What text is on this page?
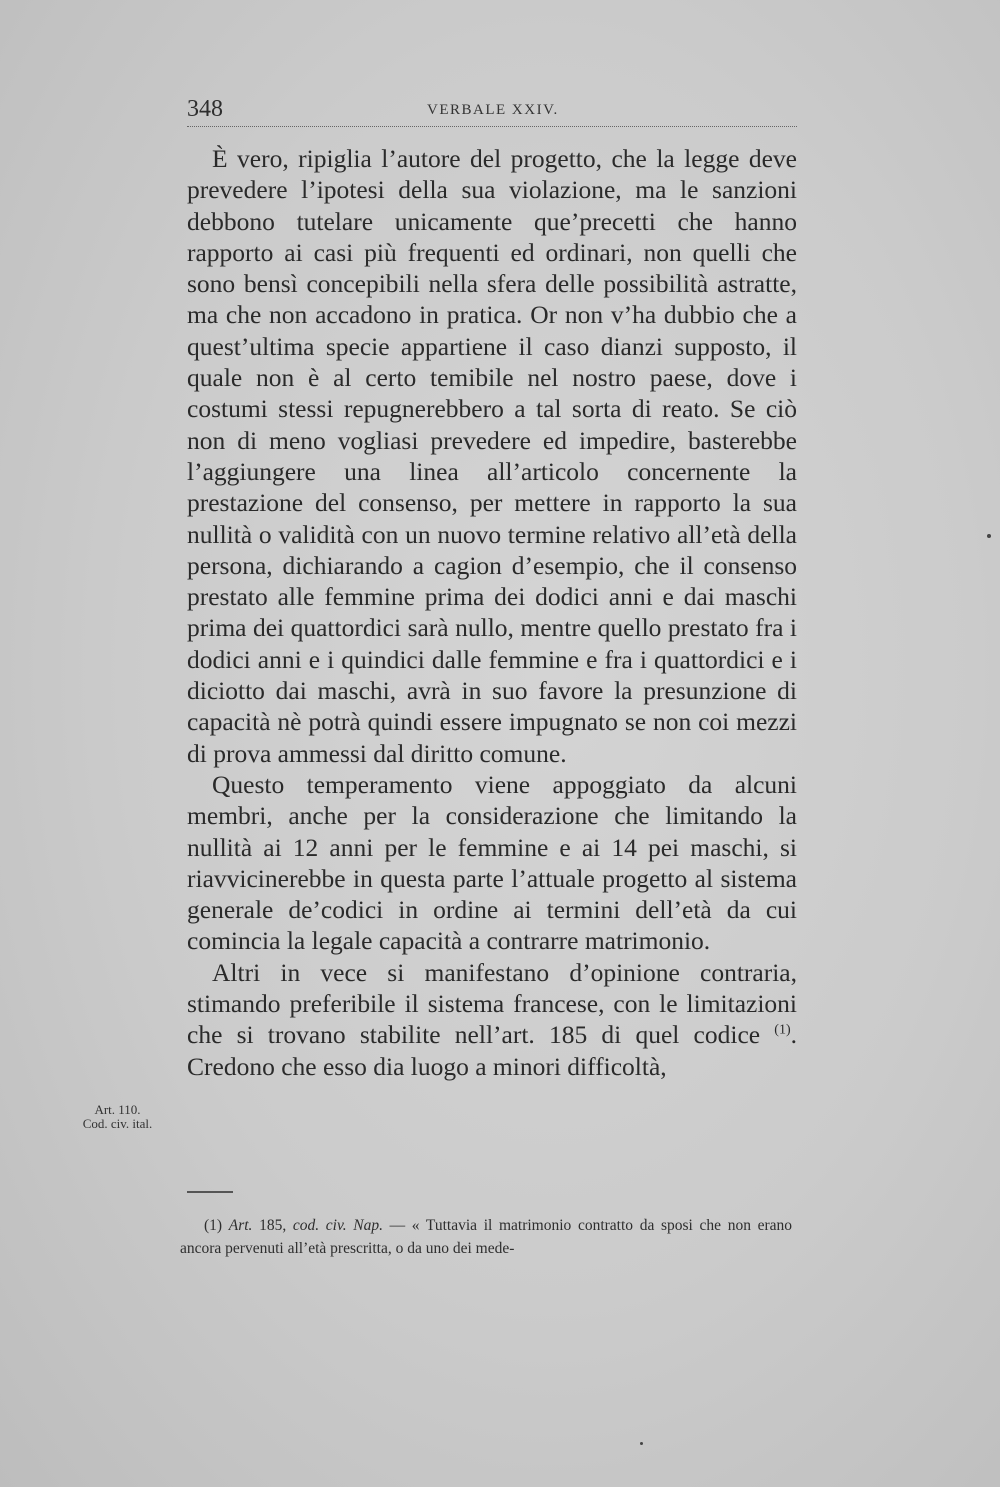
348	VERBALE XXIV.

È vero, ripiglia l’autore del progetto, che la legge deve prevedere l’ipotesi della sua violazione, ma le sanzioni debbono tutelare unicamente que’precetti che hanno rapporto ai casi più frequenti ed ordinari, non quelli che sono bensì concepibili nella sfera delle possibilità astratte, ma che non accadono in pratica. Or non v’ha dubbio che a quest’ultima specie appartiene il caso dianzi supposto, il quale non è al certo temibile nel nostro paese, dove i costumi stessi repugnerebbero a tal sorta di reato. Se ciò non di meno vogliasi prevedere ed impedire, basterebbe l’aggiungere una linea all’articolo concernente la prestazione del consenso, per mettere in rapporto la sua nullità o validità con un nuovo termine relativo all’età della persona, dichiarando a cagion d’esempio, che il consenso prestato alle femmine prima dei dodici anni e dai maschi prima dei quattordici sarà nullo, mentre quello prestato fra i dodici anni e i quindici dalle femmine e fra i quattordici e i diciotto dai maschi, avrà in suo favore la presunzione di capacità nè potrà quindi essere impugnato se non coi mezzi di prova ammessi dal diritto comune.

Questo temperamento viene appoggiato da alcuni membri, anche per la considerazione che limitando la nullità ai 12 anni per le femmine e ai 14 pei maschi, si riavvicinerebbe in questa parte l’attuale progetto al sistema generale de’codici in ordine ai termini dell’età da cui comincia la legale capacità a contrarre matrimonio.

Altri in vece si manifestano d’opinione contraria, stimando preferibile il sistema francese, con le limitazioni che si trovano stabilite nell’art. 185 di quel codice $^{(1)}$. Credono che esso dia luogo a minori difficoltà,

Art. 110.
Cod. civ. ital.

(1) Art. 185, cod. civ. Nap. — « Tuttavia il matrimonio contratto da sposi che non erano ancora pervenuti all’età prescritta, o da uno dei mede-
